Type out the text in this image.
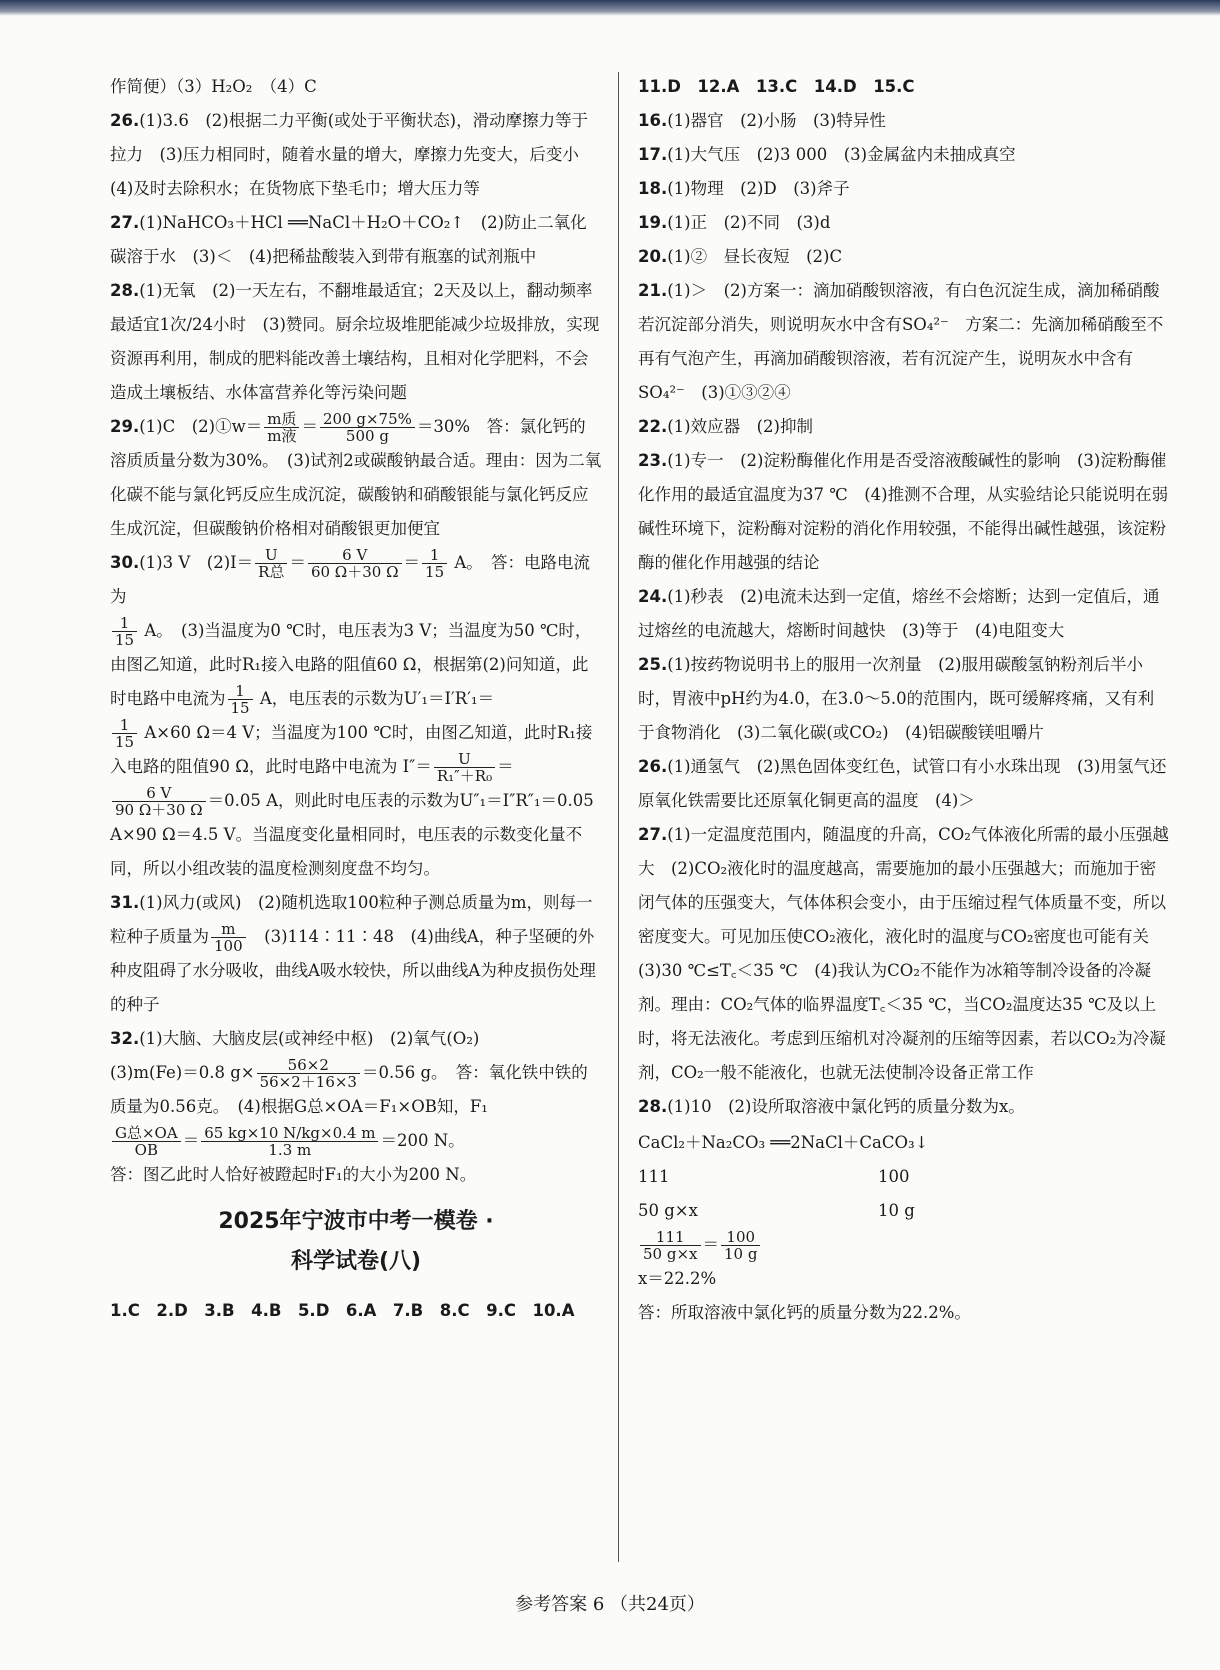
作简便）（3）H₂O₂　（4）C

26.(1)3.6　(2)根据二力平衡(或处于平衡状态)，滑动摩擦力等于拉力　(3)压力相同时，随着水量的增大，摩擦力先变大，后变小　(4)及时去除积水；在货物底下垫毛巾；增大压力等

27.(1)NaHCO₃＋HCl ══NaCl＋H₂O＋CO₂↑　(2)防止二氧化碳溶于水　(3)＜　(4)把稀盐酸装入到带有瓶塞的试剂瓶中

28.(1)无氧　(2)一天左右，不翻堆最适宜；2天及以上，翻动频率最适宜1次/24小时　(3)赞同。厨余垃圾堆肥能减少垃圾排放，实现资源再利用，制成的肥料能改善土壤结构，且相对化学肥料，不会造成土壤板结、水体富营养化等污染问题

29.(1)C　(2)①w＝ $\frac{\text{m质}}{\text{m液}} = \frac{200 g\times 75\%}{500 g} =30\%$　答：氯化钙的溶质质量分数为30%。　(3)试剂2或碳酸钠最合适。理由：因为二氧化碳不能与氯化钙反应生成沉淀，碳酸钠和硝酸银能与氯化钙反应生成沉淀，但碳酸钠价格相对硝酸银更加便宜

30.(1)3 V　$(2)I= \frac{U}{\text{R总}} = \frac{6 V}{60 \Omega+30 \Omega} = \frac{1}{15}$ A。　答：电路电流为

$\frac{1}{15}$ A。　(3)当温度为0 ℃时，电压表为3 V；当温度为50 ℃时，由图乙知道，此时R₁接入电路的阻值60 Ω，根据第(2)问知道，此时电路中电流为 $\frac{1}{15}$ A，电压表的示数为U′₁＝I′R′₁＝

$\frac{1}{15} A\times 60$ Ω＝4 V；当温度为100 ℃时，由图乙知道，此时R₁接入电路的阻值90 Ω，此时电路中电流为 $I''= \frac{U}{\text{R₁″＋R₀}}$ ＝

$\frac{6 V}{90 \Omega+30 \Omega} =0.05$ A，则此时电压表的示数为U″₁＝I″R″₁＝0.05 A×90 Ω＝4.5 V。当温度变化量相同时，电压表的示数变化量不同，所以小组改装的温度检测刻度盘不均匀。

31.(1)风力(或风)　(2)随机选取100粒种子测总质量为m，则每一粒种子质量为 $\frac{m}{100}$ 　(3)114∶11∶48　(4)曲线A，种子坚硬的外种皮阻碍了水分吸收，曲线A吸水较快，所以曲线A为种皮损伤处理的种子

32.(1)大脑、大脑皮层(或神经中枢)　(2)氧气(O₂)
(3)m(Fe)＝0.8 $g\times \frac{56\times 2}{56\times 2+16\times 3} =0.56$ g。　答：氧化铁中铁的质量为0.56克。　(4)根据G总×OA＝F₁×OB知，F₁

$\frac{\text{G总×OA}}{OB} = \frac{65 kg\times 10 N/kg\times 0.4 m}{1.3 m} =200$ N。
答：图乙此时人恰好被蹬起时F₁的大小为200 N。

2025年宁波市中考一模卷 ·
科学试卷(八)

1.C　2.D　3.B　4.B　5.D　6.A　7.B　8.C　9.C　10.A

11.D　12.A　13.C　14.D　15.C

16.(1)器官　(2)小肠　(3)特异性

17.(1)大气压　(2)3 000　(3)金属盆内未抽成真空

18.(1)物理　(2)D　(3)斧子

19.(1)正　(2)不同　(3)d

20.(1)②　昼长夜短　(2)C

21.(1)＞　(2)方案一：滴加硝酸钡溶液，有白色沉淀生成，滴加稀硝酸若沉淀部分消失，则说明灰水中含有SO₄²⁻　方案二：先滴加稀硝酸至不再有气泡产生，再滴加硝酸钡溶液，若有沉淀产生，说明灰水中含有SO₄²⁻　(3)①③②④

22.(1)效应器　(2)抑制

23.(1)专一　(2)淀粉酶催化作用是否受溶液酸碱性的影响　(3)淀粉酶催化作用的最适宜温度为37 ℃　(4)推测不合理，从实验结论只能说明在弱碱性环境下，淀粉酶对淀粉的消化作用较强，不能得出碱性越强，该淀粉酶的催化作用越强的结论

24.(1)秒表　(2)电流未达到一定值，熔丝不会熔断；达到一定值后，通过熔丝的电流越大，熔断时间越快　(3)等于　(4)电阻变大

25.(1)按药物说明书上的服用一次剂量　(2)服用碳酸氢钠粉剂后半小时，胃液中pH约为4.0，在3.0～5.0的范围内，既可缓解疼痛，又有利于食物消化　(3)二氧化碳(或CO₂)　(4)铝碳酸镁咀嚼片

26.(1)通氢气　(2)黑色固体变红色，试管口有小水珠出现　(3)用氢气还原氧化铁需要比还原氧化铜更高的温度　(4)＞

27.(1)一定温度范围内，随温度的升高，CO₂气体液化所需的最小压强越大　(2)CO₂液化时的温度越高，需要施加的最小压强越大；而施加于密闭气体的压强变大，气体体积会变小，由于压缩过程气体质量不变，所以密度变大。可见加压使CO₂液化，液化时的温度与CO₂密度也可能有关　(3)30 ℃≤T꜀＜35 ℃　(4)我认为CO₂不能作为冰箱等制冷设备的冷凝剂。理由：CO₂气体的临界温度T꜀＜35 ℃，当CO₂温度达35 ℃及以上时，将无法液化。考虑到压缩机对冷凝剂的压缩等因素，若以CO₂为冷凝剂，CO₂一般不能液化，也就无法使制冷设备正常工作

28.(1)10　(2)设所取溶液中氯化钙的质量分数为x。

CaCl₂＋Na₂CO₃ ══2NaCl＋CaCO₃↓
111	100
50 g×x	10 g
$\frac{111}{50 g\times x} = \frac{100}{10 g}$
x＝22.2%
答：所取溶液中氯化钙的质量分数为22.2%。
参考答案 6 （共24页）
